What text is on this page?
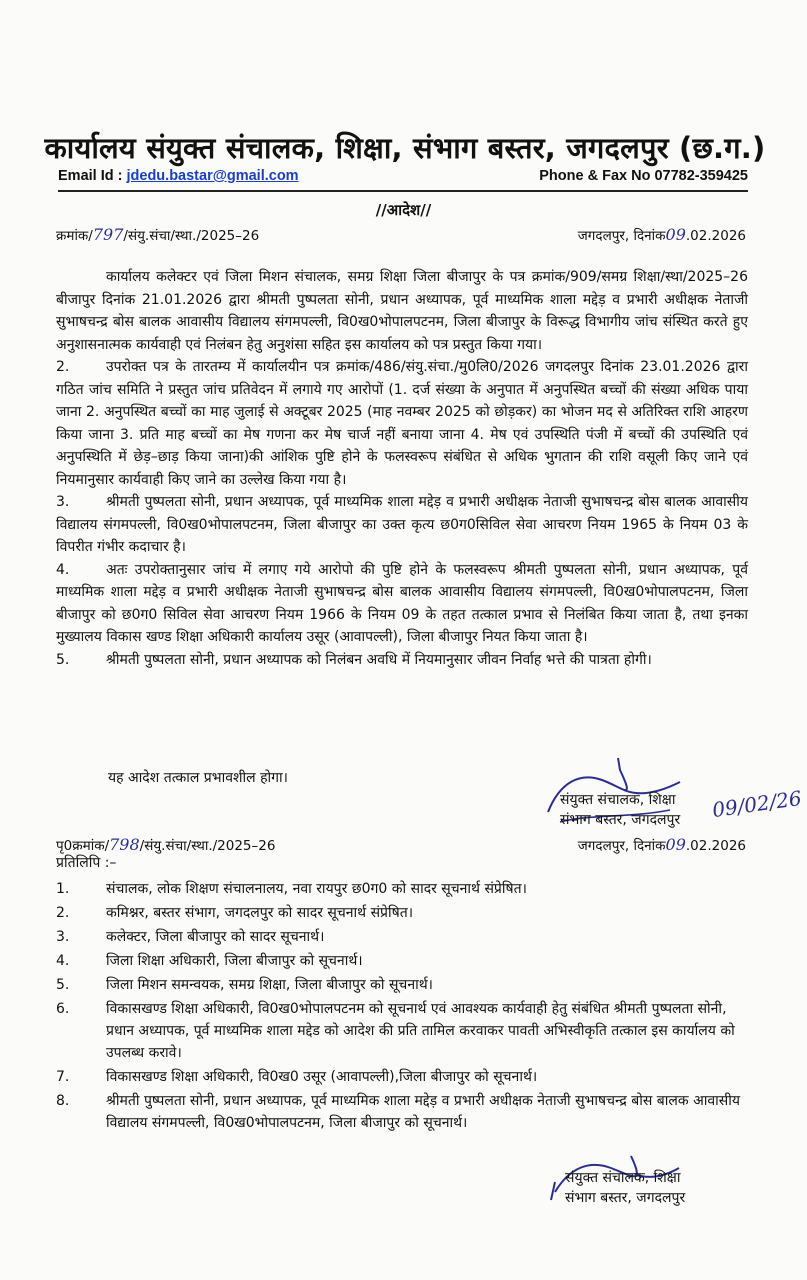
कार्यालय संयुक्त संचालक, शिक्षा, संभाग बस्तर, जगदलपुर (छ.ग.)
Email Id : jdedu.bastar@gmail.com	Phone & Fax No 07782-359425
//आदेश//
क्रमांक/797/संयु.संचा/स्था./2025–26	जगदलपुर, दिनांक09.02.2026

कार्यालय कलेक्टर एवं जिला मिशन संचालक, समग्र शिक्षा जिला बीजापुर के पत्र क्रमांक/909/समग्र शिक्षा/स्था/2025–26 बीजापुर दिनांक 21.01.2026 द्वारा श्रीमती पुष्पलता सोनी, प्रधान अध्यापक, पूर्व माध्यमिक शाला मद्देड़ व प्रभारी अधीक्षक नेताजी सुभाषचन्द्र बोस बालक आवासीय विद्यालय संगमपल्ली, वि0ख0भोपालपटनम, जिला बीजापुर के विरूद्ध विभागीय जांच संस्थित करते हुए अनुशासनात्मक कार्यवाही एवं निलंबन हेतु अनुशंसा सहित इस कार्यालय को पत्र प्रस्तुत किया गया।

2.	उपरोक्त पत्र के तारतम्य में कार्यालयीन पत्र क्रमांक/486/संयु.संचा./मु0लि0/2026 जगदलपुर दिनांक 23.01.2026 द्वारा गठित जांच समिति ने प्रस्तुत जांच प्रतिवेदन में लगाये गए आरोपों (1. दर्ज संख्या के अनुपात में अनुपस्थित बच्चों की संख्या अधिक पाया जाना 2. अनुपस्थित बच्चों का माह जुलाई से अक्टूबर 2025 (माह नवम्बर 2025 को छोड़कर) का भोजन मद से अतिरिक्त राशि आहरण किया जाना 3. प्रति माह बच्चों का मेष गणना कर मेष चार्ज नहीं बनाया जाना 4. मेष एवं उपस्थिति पंजी में बच्चों की उपस्थिति एवं अनुपस्थिति में छेड़–छाड़ किया जाना)की आंशिक पुष्टि होने के फलस्वरूप संबंधित से अधिक भुगतान की राशि वसूली किए जाने एवं नियमानुसार कार्यवाही किए जाने का उल्लेख किया गया है।

3.	श्रीमती पुष्पलता सोनी, प्रधान अध्यापक, पूर्व माध्यमिक शाला मद्देड़ व प्रभारी अधीक्षक नेताजी सुभाषचन्द्र बोस बालक आवासीय विद्यालय संगमपल्ली, वि0ख0भोपालपटनम, जिला बीजापुर का उक्त कृत्य छ0ग0सिविल सेवा आचरण नियम 1965 के नियम 03 के विपरीत गंभीर कदाचार है।

4.	अतः उपरोक्तानुसार जांच में लगाए गये आरोपो की पुष्टि होने के फलस्वरूप श्रीमती पुष्पलता सोनी, प्रधान अध्यापक, पूर्व माध्यमिक शाला मद्देड़ व प्रभारी अधीक्षक नेताजी सुभाषचन्द्र बोस बालक आवासीय विद्यालय संगमपल्ली, वि0ख0भोपालपटनम, जिला बीजापुर को छ0ग0 सिविल सेवा आचरण नियम 1966 के नियम 09 के तहत तत्काल प्रभाव से निलंबित किया जाता है, तथा इनका मुख्यालय विकास खण्ड शिक्षा अधिकारी कार्यालय उसूर (आवापल्ली), जिला बीजापुर नियत किया जाता है।

5.	श्रीमती पुष्पलता सोनी, प्रधान अध्यापक को निलंबन अवधि में नियमानुसार जीवन निर्वाह भत्ते की पात्रता होगी।

यह आदेश तत्काल प्रभावशील होगा।
संयुक्त संचालक, शिक्षा
संभाग बस्तर, जगदलपुर 09/02/26
पृ0क्रमांक/798/संयु.संचा/स्था./2025–26	जगदलपुर, दिनांक09.02.2026
प्रतिलिपि :–
1.	संचालक, लोक शिक्षण संचालनालय, नवा रायपुर छ0ग0 को सादर सूचनार्थ संप्रेषित।
2.	कमिश्नर, बस्तर संभाग, जगदलपुर को सादर सूचनार्थ संप्रेषित।
3.	कलेक्टर, जिला बीजापुर को सादर सूचनार्थ।
4.	जिला शिक्षा अधिकारी, जिला बीजापुर को सूचनार्थ।
5.	जिला मिशन समन्वयक, समग्र शिक्षा, जिला बीजापुर को सूचनार्थ।
6.	विकासखण्ड शिक्षा अधिकारी, वि0ख0भोपालपटनम को सूचनार्थ एवं आवश्यक कार्यवाही हेतु संबंधित श्रीमती पुष्पलता सोनी, प्रधान अध्यापक, पूर्व माध्यमिक शाला मद्देड को आदेश की प्रति तामिल करवाकर पावती अभिस्वीकृति तत्काल इस कार्यालय को उपलब्ध करावे।
7.	विकासखण्ड शिक्षा अधिकारी, वि0ख0 उसूर (आवापल्ली),जिला बीजापुर को सूचनार्थ।
8.	श्रीमती पुष्पलता सोनी, प्रधान अध्यापक, पूर्व माध्यमिक शाला मद्देड़ व प्रभारी अधीक्षक नेताजी सुभाषचन्द्र बोस बालक आवासीय विद्यालय संगमपल्ली, वि0ख0भोपालपटनम, जिला बीजापुर को सूचनार्थ।
संयुक्त संचालक, शिक्षा
संभाग बस्तर, जगदलपुर
